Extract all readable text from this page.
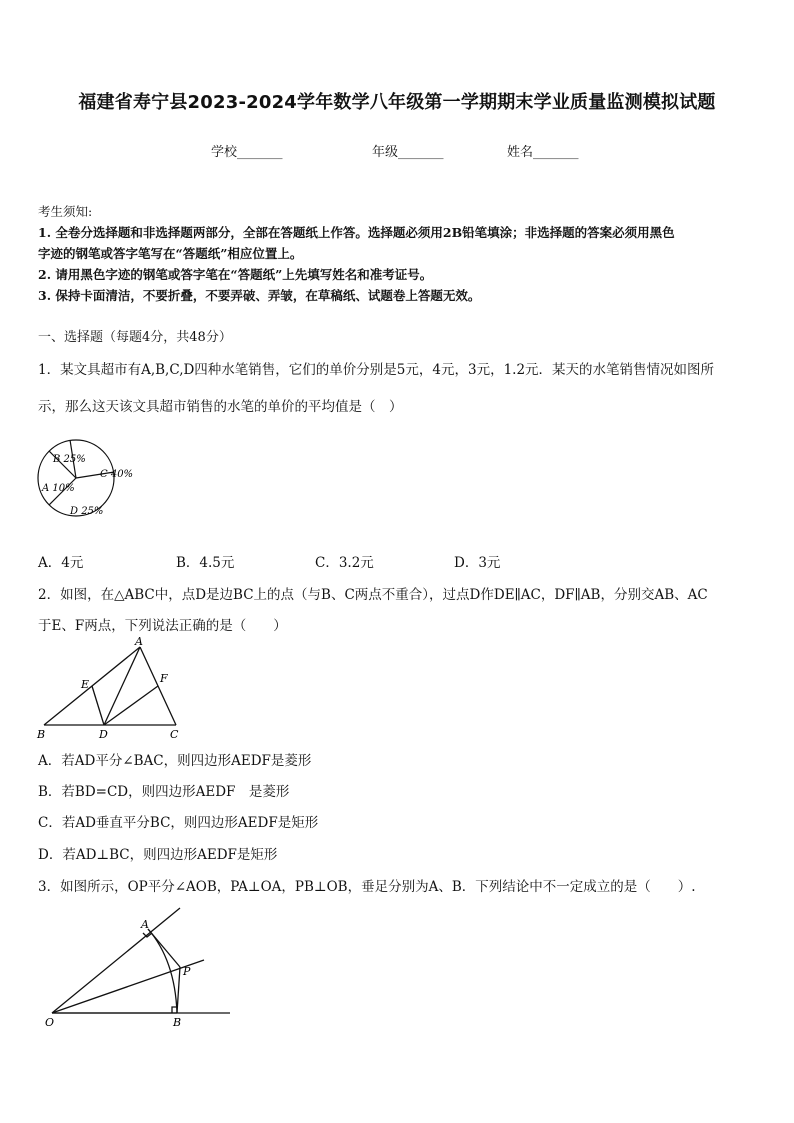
福建省寿宁县2023-2024学年数学八年级第一学期期末学业质量监测模拟试题
学校_______	年级_______	姓名_______
考生须知:
1. 全卷分选择题和非选择题两部分，全部在答题纸上作答。选择题必须用2B铅笔填涂；非选择题的答案必须用黑色
字迹的钢笔或答字笔写在“答题纸”相应位置上。
2. 请用黑色字迹的钢笔或答字笔在“答题纸”上先填写姓名和准考证号。
3. 保持卡面清洁，不要折叠，不要弄破、弄皱，在草稿纸、试题卷上答题无效。
一、选择题（每题4分，共48分）
1．某文具超市有A,B,C,D四种水笔销售，它们的单价分别是5元，4元，3元，1.2元．某天的水笔销售情况如图所
示，那么这天该文具超市销售的水笔的单价的平均值是（　）
B 25%
C 40%
A 10%
D 25%
A．4元	B．4.5元	C．3.2元	D．3元
2．如图，在△ABC中，点D是边BC上的点（与B、C两点不重合），过点D作DE∥AC，DF∥AB，分别交AB、AC
于E、F两点，下列说法正确的是（　　）
A
E	F
B	D	C
A．若AD平分∠BAC，则四边形AEDF是菱形
B．若BD=CD，则四边形AEDF　是菱形
C．若AD垂直平分BC，则四边形AEDF是矩形
D．若AD⊥BC，则四边形AEDF是矩形
3．如图所示，OP平分∠AOB，PA⊥OA，PB⊥OB，垂足分别为A、B．下列结论中不一定成立的是（　　）.
A
P
O	B
